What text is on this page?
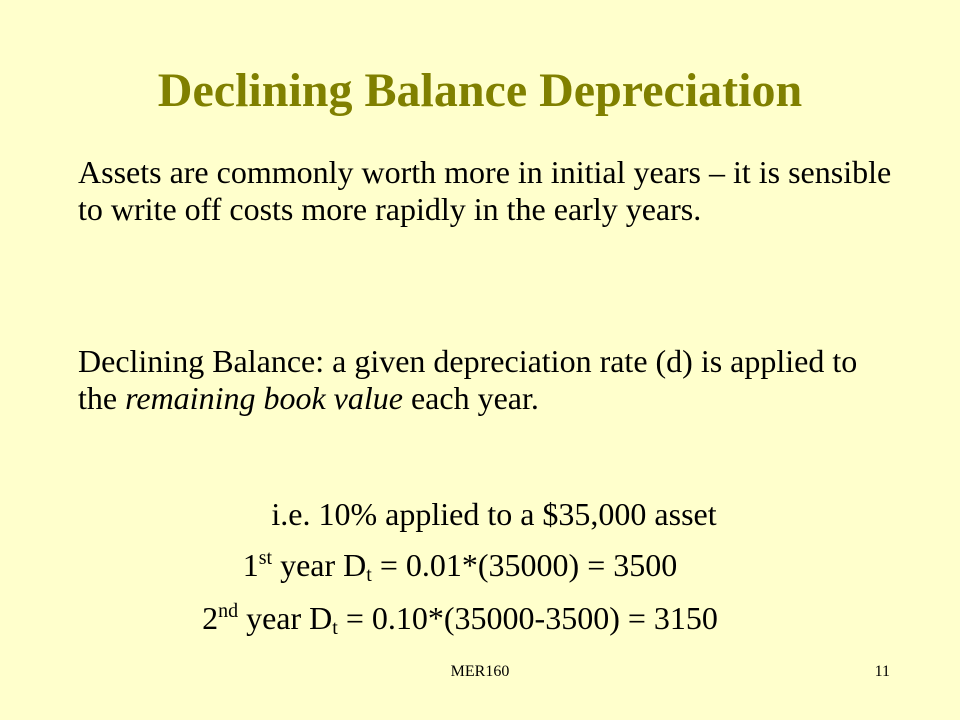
Declining Balance Depreciation
Assets are commonly worth more in initial years – it is sensible to write off costs more rapidly in the early years.
Declining Balance: a given depreciation rate (d) is applied to the remaining book value each year.
i.e. 10% applied to a $35,000 asset
1st year $D_t = 0.01*(35000) = 3500$
2nd year $D_t = 0.10*(35000-3500) = 3150$
MER160	11
